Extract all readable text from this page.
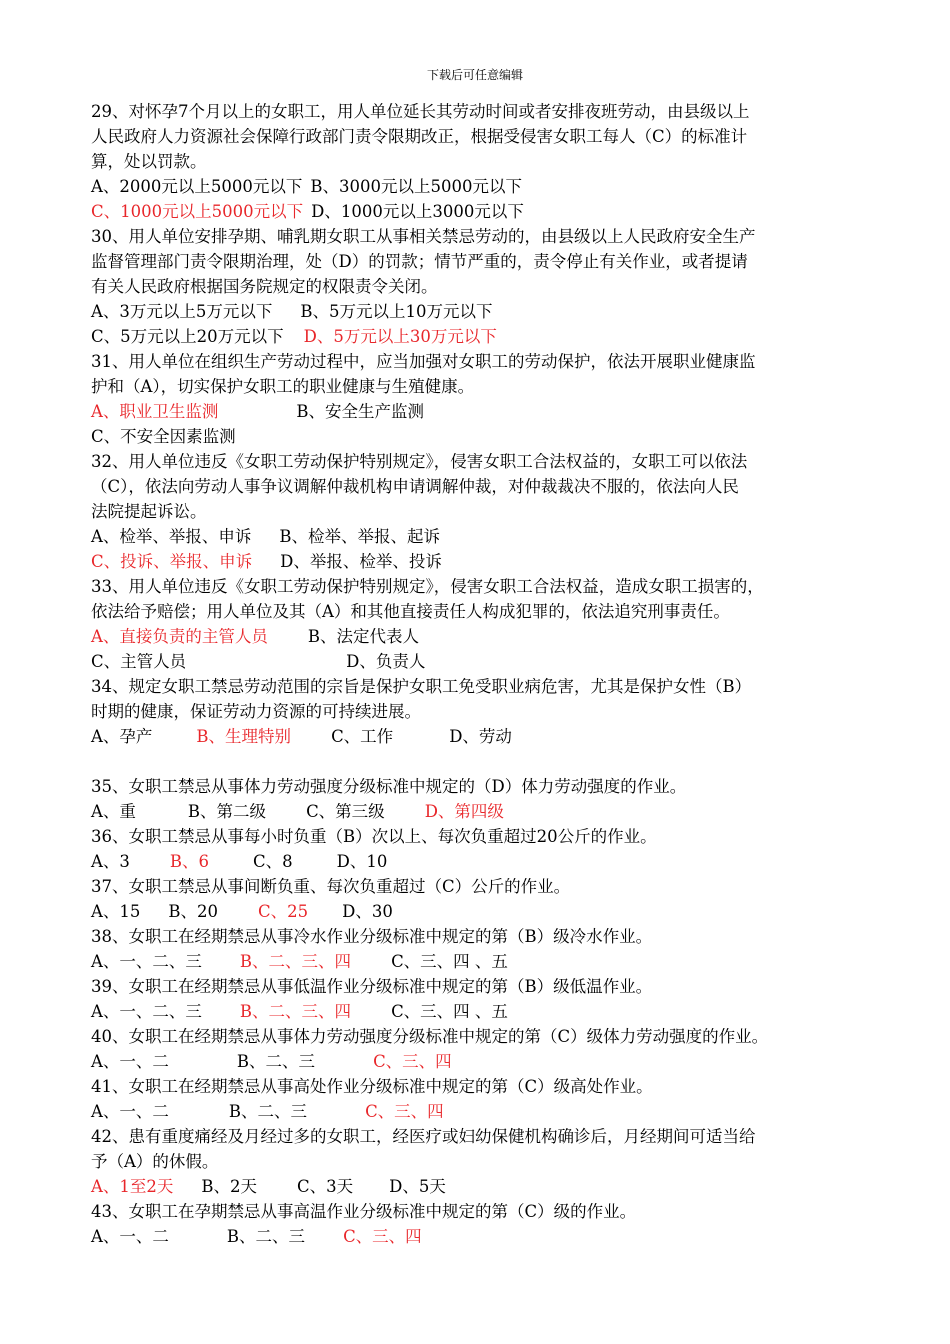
下载后可任意编辑
29、对怀孕7个月以上的女职工，用人单位延长其劳动时间或者安排夜班劳动，由县级以上
人民政府人力资源社会保障行政部门责令限期改正，根据受侵害女职工每人（C）的标准计
算，处以罚款。
A、2000元以上5000元以下 B、3000元以上5000元以下
C、1000元以上5000元以下 D、1000元以上3000元以下
30、用人单位安排孕期、哺乳期女职工从事相关禁忌劳动的，由县级以上人民政府安全生产
监督管理部门责令限期治理，处（D）的罚款；情节严重的，责令停止有关作业，或者提请
有关人民政府根据国务院规定的权限责令关闭。
A、3万元以上5万元以下 B、5万元以上10万元以下
C、5万元以上20万元以下 D、5万元以上30万元以下
31、用人单位在组织生产劳动过程中，应当加强对女职工的劳动保护，依法开展职业健康监
护和（A），切实保护女职工的职业健康与生殖健康。
A、职业卫生监测	B、安全生产监测
C、不安全因素监测
32、用人单位违反《女职工劳动保护特别规定》，侵害女职工合法权益的，女职工可以依法
（C），依法向劳动人事争议调解仲裁机构申请调解仲裁，对仲裁裁决不服的，依法向人民
法院提起诉讼。
A、检举、举报、申诉 B、检举、举报、起诉
C、投诉、举报、申诉 D、举报、检举、投诉
33、用人单位违反《女职工劳动保护特别规定》，侵害女职工合法权益，造成女职工损害的，
依法给予赔偿；用人单位及其（A）和其他直接责任人构成犯罪的，依法追究刑事责任。
A、直接负责的主管人员 B、法定代表人
C、主管人员	D、负责人
34、规定女职工禁忌劳动范围的宗旨是保护女职工免受职业病危害，尤其是保护女性（B）
时期的健康，保证劳动力资源的可持续进展。
A、孕产	B、生理特别 C、工作	D、劳动
35、女职工禁忌从事体力劳动强度分级标准中规定的（D）体力劳动强度的作业。
A、重	B、第二级 C、第三级 D、第四级
36、女职工禁忌从事每小时负重（B）次以上、每次负重超过20公斤的作业。
A、3 B、6	C、8	D、10
37、女职工禁忌从事间断负重、每次负重超过（C）公斤的作业。
A、15 B、20 C、25 D、30
38、女职工在经期禁忌从事冷水作业分级标准中规定的第（B）级冷水作业。
A、一、二、三 B、二、三、四 C、三、四 、五
39、女职工在经期禁忌从事低温作业分级标准中规定的第（B）级低温作业。
A、一、二、三 B、二、三、四 C、三、四 、五
40、女职工在经期禁忌从事体力劳动强度分级标准中规定的第（C）级体力劳动强度的作业。
A、一、二	B、二、三	C、三、四
41、女职工在经期禁忌从事高处作业分级标准中规定的第（C）级高处作业。
A、一、二	B、二、三	C、三、四
42、患有重度痛经及月经过多的女职工，经医疗或妇幼保健机构确诊后，月经期间可适当给
予（A）的休假。
A、1至2天 B、2天 C、3天 D、5天
43、女职工在孕期禁忌从事高温作业分级标准中规定的第（C）级的作业。
A、一、二	B、二、三 C、三、四
